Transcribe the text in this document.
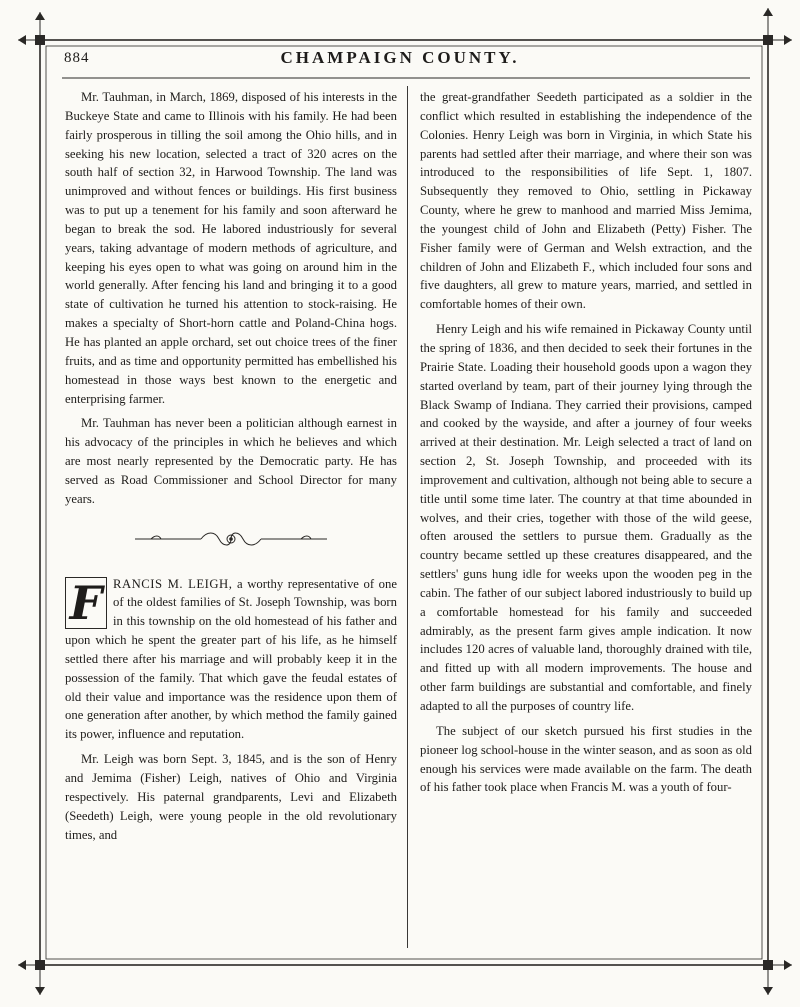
884	CHAMPAIGN COUNTY.

Mr. Tauhman, in March, 1869, disposed of his interests in the Buckeye State and came to Illinois with his family. He had been fairly prosperous in tilling the soil among the Ohio hills, and in seeking his new location, selected a tract of 320 acres on the south half of section 32, in Harwood Township. The land was unimproved and without fences or buildings. His first business was to put up a tenement for his family and soon afterward he began to break the sod. He labored industriously for several years, taking advantage of modern methods of agriculture, and keeping his eyes open to what was going on around him in the world generally. After fencing his land and bringing it to a good state of cultivation he turned his attention to stock-raising. He makes a specialty of Short-horn cattle and Poland-China hogs. He has planted an apple orchard, set out choice trees of the finer fruits, and as time and opportunity permitted has embellished his homestead in those ways best known to the energetic and enterprising farmer.

Mr. Tauhman has never been a politician although earnest in his advocacy of the principles in which he believes and which are most nearly represented by the Democratic party. He has served as Road Commissioner and School Director for many years.

F RANCIS M. LEIGH, a worthy representative of one of the oldest families of St. Joseph Township, was born in this township on the old homestead of his father and upon which he spent the greater part of his life, as he himself settled there after his marriage and will probably keep it in the possession of the family. That which gave the feudal estates of old their value and importance was the residence upon them of one generation after another, by which method the family gained its power, influence and reputation.

Mr. Leigh was born Sept. 3, 1845, and is the son of Henry and Jemima (Fisher) Leigh, natives of Ohio and Virginia respectively. His paternal grandparents, Levi and Elizabeth (Seedeth) Leigh, were young people in the old revolutionary times, and

the great-grandfather Seedeth participated as a soldier in the conflict which resulted in establishing the independence of the Colonies. Henry Leigh was born in Virginia, in which State his parents had settled after their marriage, and where their son was introduced to the responsibilities of life Sept. 1, 1807. Subsequently they removed to Ohio, settling in Pickaway County, where he grew to manhood and married Miss Jemima, the youngest child of John and Elizabeth (Petty) Fisher. The Fisher family were of German and Welsh extraction, and the children of John and Elizabeth F., which included four sons and five daughters, all grew to mature years, married, and settled in comfortable homes of their own.

Henry Leigh and his wife remained in Pickaway County until the spring of 1836, and then decided to seek their fortunes in the Prairie State. Loading their household goods upon a wagon they started overland by team, part of their journey lying through the Black Swamp of Indiana. They carried their provisions, camped and cooked by the wayside, and after a journey of four weeks arrived at their destination. Mr. Leigh selected a tract of land on section 2, St. Joseph Township, and proceeded with its improvement and cultivation, although not being able to secure a title until some time later. The country at that time abounded in wolves, and their cries, together with those of the wild geese, often aroused the settlers to pursue them. Gradually as the country became settled up these creatures disappeared, and the settlers' guns hung idle for weeks upon the wooden peg in the cabin. The father of our subject labored industriously to build up a comfortable homestead for his family and succeeded admirably, as the present farm gives ample indication. It now includes 120 acres of valuable land, thoroughly drained with tile, and fitted up with all modern improvements. The house and other farm buildings are substantial and comfortable, and finely adapted to all the purposes of country life.

The subject of our sketch pursued his first studies in the pioneer log school-house in the winter season, and as soon as old enough his services were made available on the farm. The death of his father took place when Francis M. was a youth of four-
